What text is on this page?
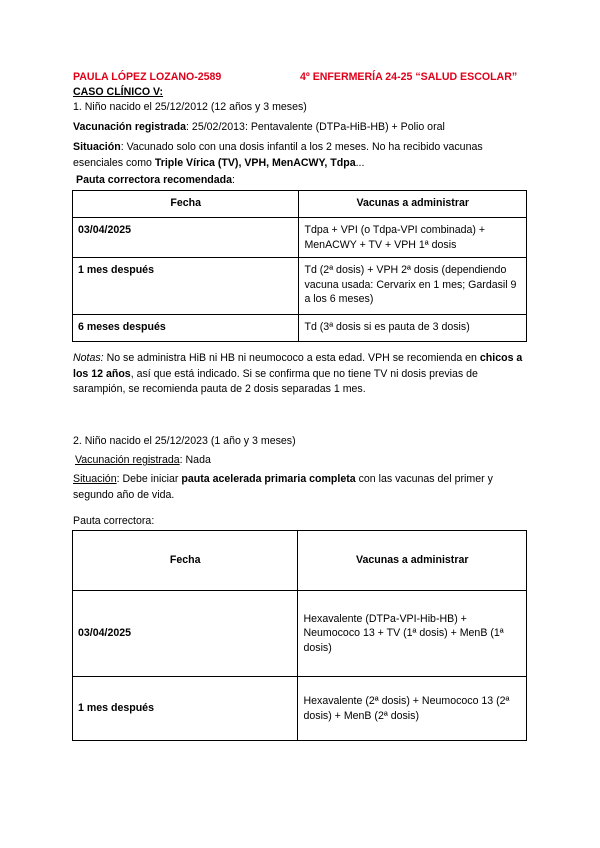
PAULA LÓPEZ LOZANO-2589	4º ENFERMERÍA 24-25 “SALUD ESCOLAR”
CASO CLÍNICO V:
1. Niño nacido el 25/12/2012 (12 años y 3 meses)
Vacunación registrada: 25/02/2013: Pentavalente (DTPa-HiB-HB) + Polio oral
Situación: Vacunado solo con una dosis infantil a los 2 meses. No ha recibido vacunas esenciales como Triple Vírica (TV), VPH, MenACWY, Tdpa...
Pauta correctora recomendada:
Fecha	Vacunas a administrar
03/04/2025	Tdpa + VPI (o Tdpa-VPI combinada) + MenACWY + TV + VPH 1ª dosis
1 mes después	Td (2ª dosis) + VPH 2ª dosis (dependiendo vacuna usada: Cervarix en 1 mes; Gardasil 9 a los 6 meses)
6 meses después	Td (3ª dosis si es pauta de 3 dosis)
Notas: No se administra HiB ni HB ni neumococo a esta edad. VPH se recomienda en chicos a los 12 años, así que está indicado. Si se confirma que no tiene TV ni dosis previas de sarampión, se recomienda pauta de 2 dosis separadas 1 mes.
2. Niño nacido el 25/12/2023 (1 año y 3 meses)
Vacunación registrada: Nada
Situación: Debe iniciar pauta acelerada primaria completa con las vacunas del primer y segundo año de vida.
Pauta correctora:
Fecha	Vacunas a administrar
03/04/2025	Hexavalente (DTPa-VPI-Hib-HB) + Neumococo 13 + TV (1ª dosis) + MenB (1ª dosis)
1 mes después	Hexavalente (2ª dosis) + Neumococo 13 (2ª dosis) + MenB (2ª dosis)
